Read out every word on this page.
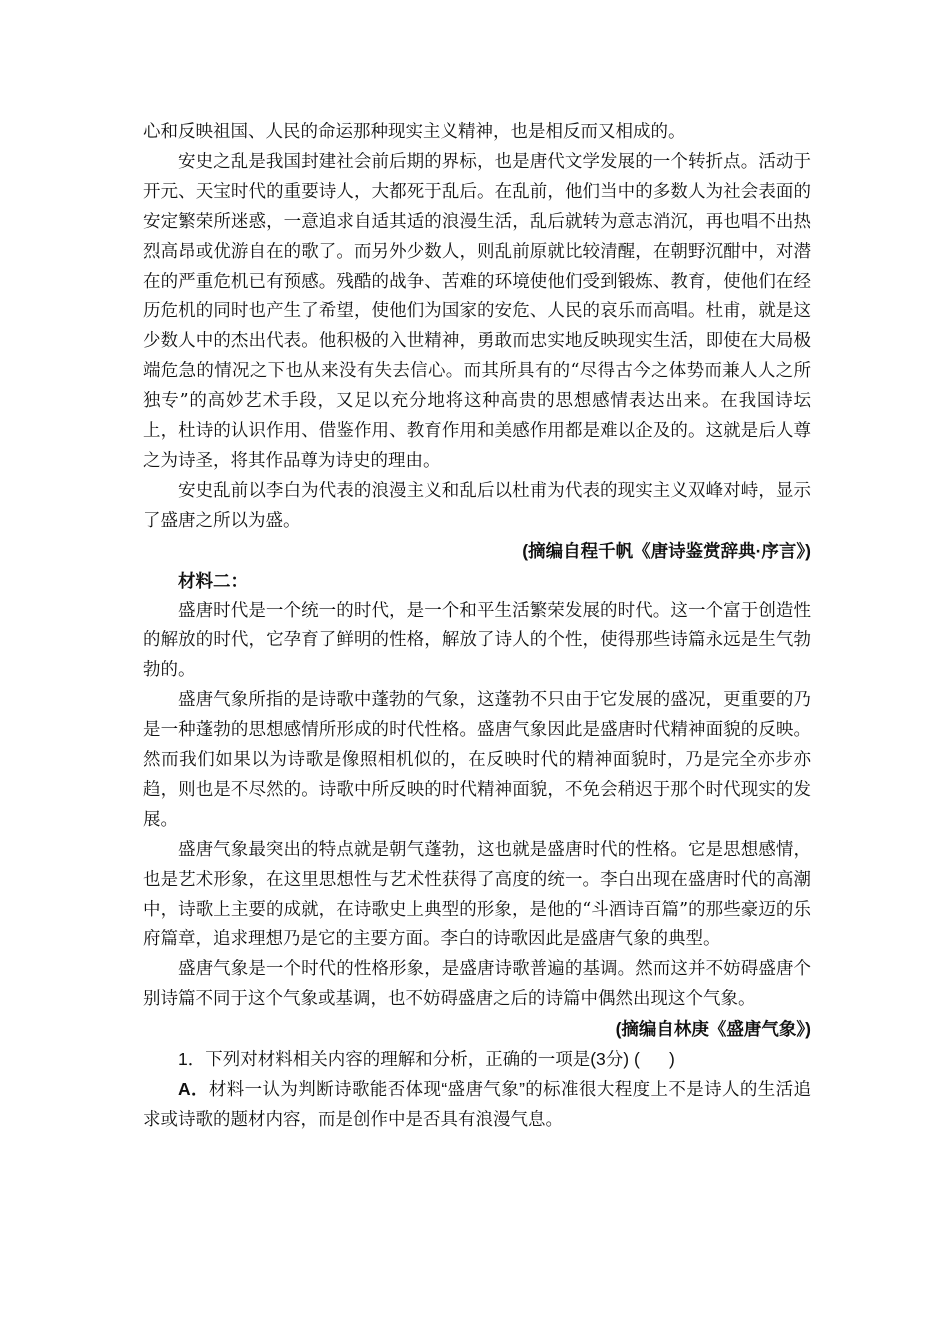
心和反映祖国、人民的命运那种现实主义精神，也是相反而又相成的。

安史之乱是我国封建社会前后期的界标，也是唐代文学发展的一个转折点。活动于开元、天宝时代的重要诗人，大都死于乱后。在乱前，他们当中的多数人为社会表面的安定繁荣所迷惑，一意追求自适其适的浪漫生活，乱后就转为意志消沉，再也唱不出热烈高昂或优游自在的歌了。而另外少数人，则乱前原就比较清醒，在朝野沉酣中，对潜在的严重危机已有预感。残酷的战争、苦难的环境使他们受到锻炼、教育，使他们在经历危机的同时也产生了希望，使他们为国家的安危、人民的哀乐而高唱。杜甫，就是这少数人中的杰出代表。他积极的入世精神，勇敢而忠实地反映现实生活，即使在大局极端危急的情况之下也从来没有失去信心。而其所具有的“尽得古今之体势而兼人人之所独专”的高妙艺术手段，又足以充分地将这种高贵的思想感情表达出来。在我国诗坛上，杜诗的认识作用、借鉴作用、教育作用和美感作用都是难以企及的。这就是后人尊之为诗圣，将其作品尊为诗史的理由。

安史乱前以李白为代表的浪漫主义和乱后以杜甫为代表的现实主义双峰对峙，显示了盛唐之所以为盛。

(摘编自程千帆《唐诗鉴赏辞典·序言》)

材料二：

盛唐时代是一个统一的时代，是一个和平生活繁荣发展的时代。这一个富于创造性的解放的时代，它孕育了鲜明的性格，解放了诗人的个性，使得那些诗篇永远是生气勃勃的。

盛唐气象所指的是诗歌中蓬勃的气象，这蓬勃不只由于它发展的盛况，更重要的乃是一种蓬勃的思想感情所形成的时代性格。盛唐气象因此是盛唐时代精神面貌的反映。然而我们如果以为诗歌是像照相机似的，在反映时代的精神面貌时，乃是完全亦步亦趋，则也是不尽然的。诗歌中所反映的时代精神面貌，不免会稍迟于那个时代现实的发展。

盛唐气象最突出的特点就是朝气蓬勃，这也就是盛唐时代的性格。它是思想感情，也是艺术形象，在这里思想性与艺术性获得了高度的统一。李白出现在盛唐时代的高潮中，诗歌上主要的成就，在诗歌史上典型的形象，是他的“斗酒诗百篇”的那些豪迈的乐府篇章，追求理想乃是它的主要方面。李白的诗歌因此是盛唐气象的典型。

盛唐气象是一个时代的性格形象，是盛唐诗歌普遍的基调。然而这并不妨碍盛唐个别诗篇不同于这个气象或基调，也不妨碍盛唐之后的诗篇中偶然出现这个气象。

(摘编自林庚《盛唐气象》)

1．下列对材料相关内容的理解和分析，正确的一项是(3分) ( )

A．材料一认为判断诗歌能否体现“盛唐气象”的标准很大程度上不是诗人的生活追求或诗歌的题材内容，而是创作中是否具有浪漫气息。
